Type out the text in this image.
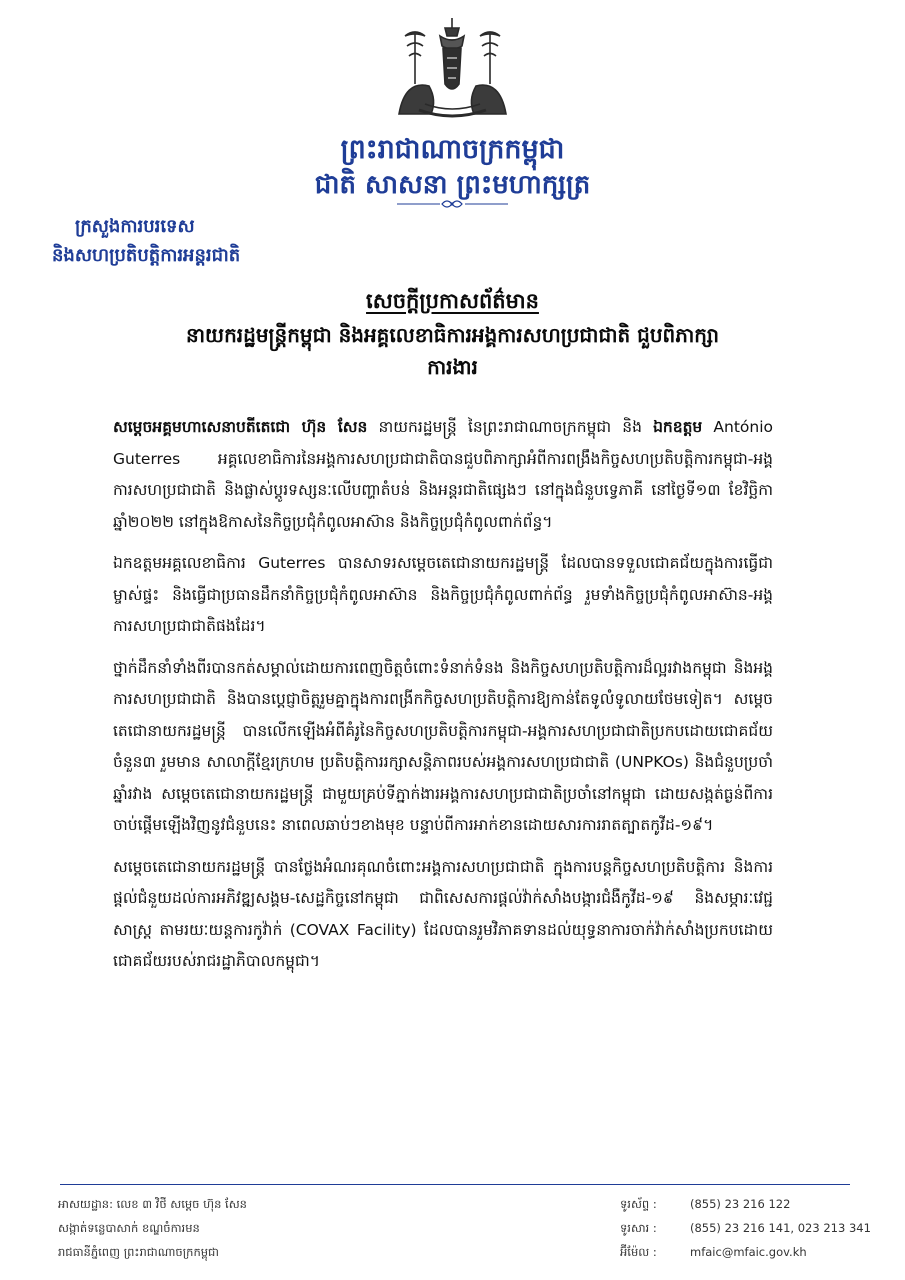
ព្រះរាជាណាចក្រកម្ពុជា
ជាតិ សាសនា ព្រះមហាក្សត្រ
ក្រសួងការបរទេស
និងសហប្រតិបត្តិការអន្តរជាតិ
សេចក្តីប្រកាសព័ត៌មាន
នាយករដ្ឋមន្ត្រីកម្ពុជា និងអគ្គលេខាធិការអង្គការសហប្រជាជាតិ ជួបពិភាក្សា
ការងារ

សម្តេចអគ្គមហាសេនាបតីតេជោ ហ៊ុន សែន នាយករដ្ឋមន្ត្រី នៃព្រះរាជាណាចក្រកម្ពុជា និង ឯកឧត្តម António Guterres អគ្គលេខាធិការនៃអង្គការសហប្រជាជាតិបានជួបពិភាក្សាអំពីការពង្រឹងកិច្ចសហប្រតិបត្តិការកម្ពុជា-អង្គការសហប្រជាជាតិ និងផ្លាស់ប្តូរទស្សនៈលើបញ្ហាតំបន់ និងអន្តរជាតិផ្សេងៗ នៅក្នុងជំនួបទ្វេភាគី នៅថ្ងៃទី១៣ ខែវិច្ឆិកា ឆ្នាំ២០២២ នៅក្នុងឱកាសនៃកិច្ចប្រជុំកំពូលអាស៊ាន និងកិច្ចប្រជុំកំពូលពាក់ព័ន្ធ។

ឯកឧត្តមអគ្គលេខាធិការ Guterres បានសាទរសម្តេចតេជោនាយករដ្ឋមន្ត្រី ដែលបានទទួលជោគជ័យក្នុងការធ្វើជាម្ចាស់ផ្ទះ និងធ្វើជាប្រធានដឹកនាំកិច្ចប្រជុំកំពូលអាស៊ាន និងកិច្ចប្រជុំកំពូលពាក់ព័ន្ធ រួមទាំងកិច្ចប្រជុំកំពូលអាស៊ាន-អង្គការសហប្រជាជាតិផងដែរ។

ថ្នាក់ដឹកនាំទាំងពីរបានកត់សម្គាល់ដោយការពេញចិត្តចំពោះទំនាក់ទំនង និងកិច្ចសហប្រតិបត្តិការដ៏ល្អរវាងកម្ពុជា និងអង្គការសហប្រជាជាតិ និងបានប្តេជ្ញាចិត្តរួមគ្នាក្នុងការពង្រីកកិច្ចសហប្រតិបត្តិការឱ្យកាន់តែទូលំទូលាយថែមទៀត។ សម្តេចតេជោនាយករដ្ឋមន្ត្រី បានលើកឡើងអំពីគំរូនៃកិច្ចសហប្រតិបត្តិការកម្ពុជា-អង្គការសហប្រជាជាតិប្រកបដោយជោគជ័យចំនួន៣ រួមមាន សាលាក្តីខ្មែរក្រហម ប្រតិបត្តិការរក្សាសន្តិភាពរបស់អង្គការសហប្រជាជាតិ (UNPKOs) និងជំនួបប្រចាំឆ្នាំរវាង សម្តេចតេជោនាយករដ្ឋមន្ត្រី ជាមួយគ្រប់ទីភ្នាក់ងារអង្គការសហប្រជាជាតិប្រចាំនៅកម្ពុជា ដោយសង្កត់ធ្ងន់ពីការចាប់ផ្តើមឡើងវិញនូវជំនួបនេះ នាពេលឆាប់ៗខាងមុខ បន្ទាប់ពីការអាក់ខានដោយសារការរាតត្បាតកូវីដ-១៩។

សម្តេចតេជោនាយករដ្ឋមន្ត្រី បានថ្លែងអំណរគុណចំពោះអង្គការសហប្រជាជាតិ ក្នុងការបន្តកិច្ចសហប្រតិបត្តិការ និងការផ្តល់ជំនួយដល់ការអភិវឌ្ឍសង្គម-សេដ្ឋកិច្ចនៅកម្ពុជា ជាពិសេសការផ្តល់វ៉ាក់សាំងបង្ការជំងឺកូវីដ-១៩ និងសម្ភារៈវេជ្ជសាស្ត្រ តាមរយៈយន្តការកូវ៉ាក់ (COVAX Facility) ដែលបានរួមវិភាគទានដល់យុទ្ធនាការចាក់វ៉ាក់សាំងប្រកបដោយជោគជ័យរបស់រាជរដ្ឋាភិបាលកម្ពុជា។

អាសយដ្ឋាន: លេខ ៣ វិថី សម្តេច ហ៊ុន សែន
សង្កាត់ទន្លេបាសាក់ ខណ្ឌចំការមន
រាជធានីភ្នំពេញ ព្រះរាជាណាចក្រកម្ពុជា
ទូរស័ព្ទ :	(855) 23 216 122
ទូរសារ :	(855) 23 216 141, 023 213 341
អ៊ីម៉ែល :	mfaic@mfaic.gov.kh
